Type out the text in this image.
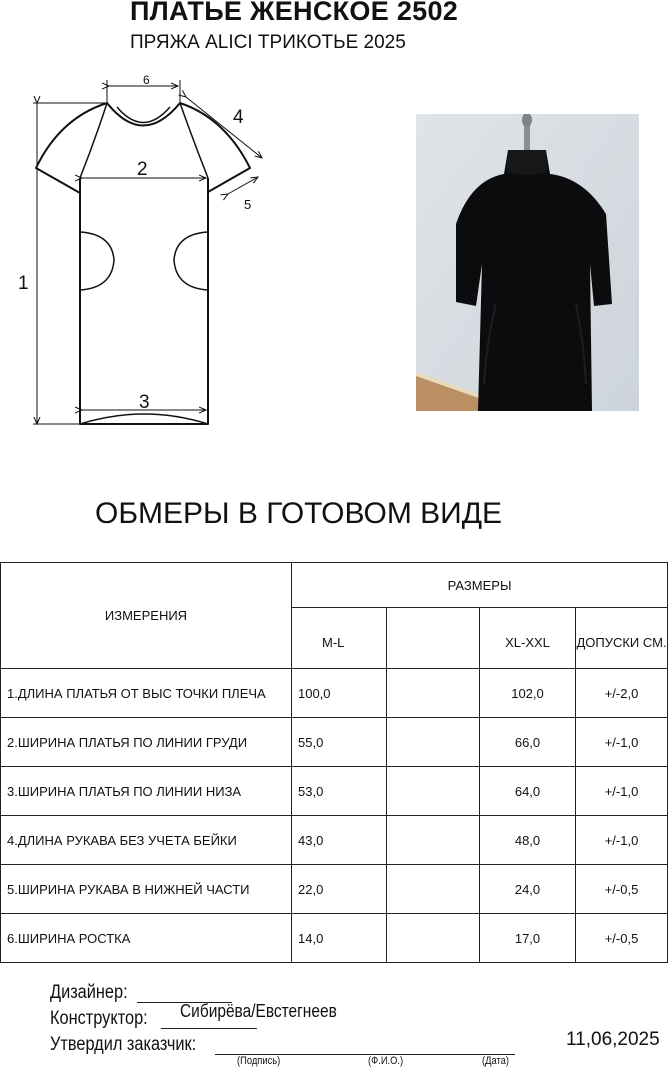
ПЛАТЬЕ ЖЕНСКОЕ 2502
ПРЯЖА ALICI ТРИКОТЬЕ 2025
1
2
3
4
5
6
ОБМЕРЫ В ГОТОВОМ ВИДЕ
ИЗМЕРЕНИЯ	РАЗМЕРЫ			
	M-L		XL-XXL	ДОПУСКИ СМ.
1.ДЛИНА ПЛАТЬЯ ОТ ВЫС ТОЧКИ ПЛЕЧА	100,0		102,0	+/-2,0
2.ШИРИНА ПЛАТЬЯ ПО ЛИНИИ ГРУДИ	55,0		66,0	+/-1,0
3.ШИРИНА ПЛАТЬЯ ПО ЛИНИИ НИЗА	53,0		64,0	+/-1,0
4.ДЛИНА РУКАВА БЕЗ УЧЕТА БЕЙКИ	43,0		48,0	+/-1,0
5.ШИРИНА РУКАВА В НИЖНЕЙ ЧАСТИ	22,0		24,0	+/-0,5
6.ШИРИНА РОСТКА	14,0		17,0	+/-0,5
Дизайнер:
Конструктор: Сибирёва/Евстегнеев
Утвердил заказчик:
(Подпись)	(Ф.И.О.)	(Дата)
11,06,2025
